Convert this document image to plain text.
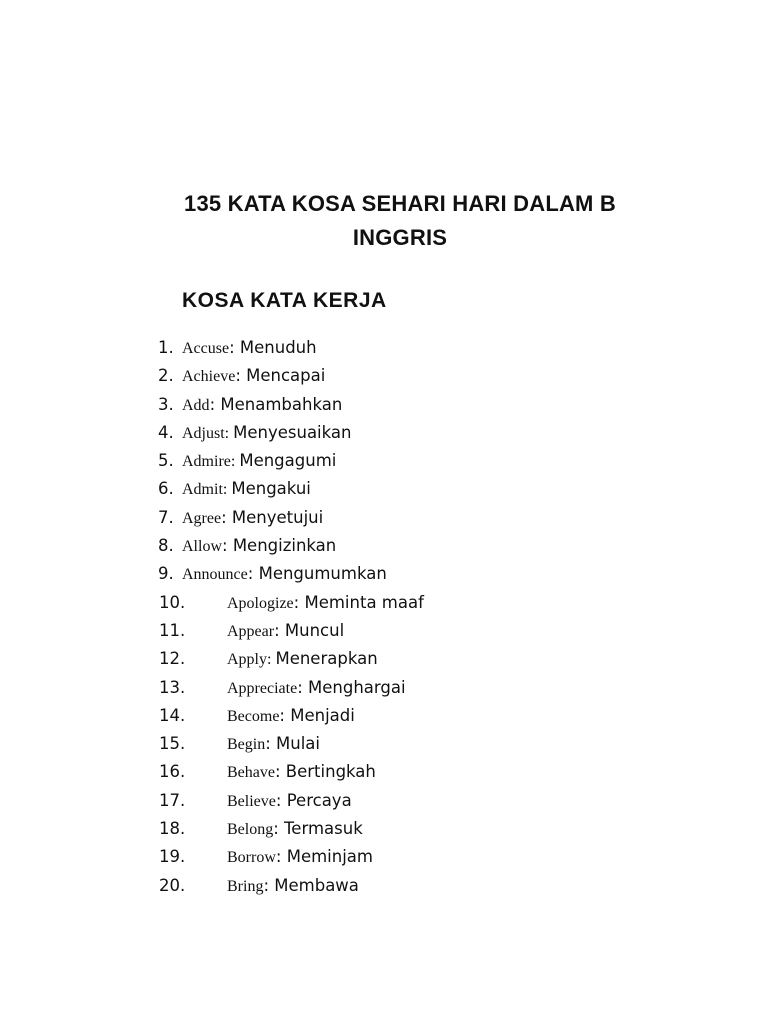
135 KATA KOSA SEHARI HARI DALAM B
INGGRIS
KOSA KATA KERJA
1. Accuse: Menuduh
2. Achieve: Mencapai
3. Add: Menambahkan
4. Adjust: Menyesuaikan
5. Admire: Mengagumi
6. Admit: Mengakui
7. Agree: Menyetujui
8. Allow: Mengizinkan
9. Announce: Mengumumkan
10.	Apologize: Meminta maaf
11.	Appear: Muncul
12.	Apply: Menerapkan
13.	Appreciate: Menghargai
14.	Become: Menjadi
15.	Begin: Mulai
16.	Behave: Bertingkah
17.	Believe: Percaya
18.	Belong: Termasuk
19.	Borrow: Meminjam
20.	Bring: Membawa
